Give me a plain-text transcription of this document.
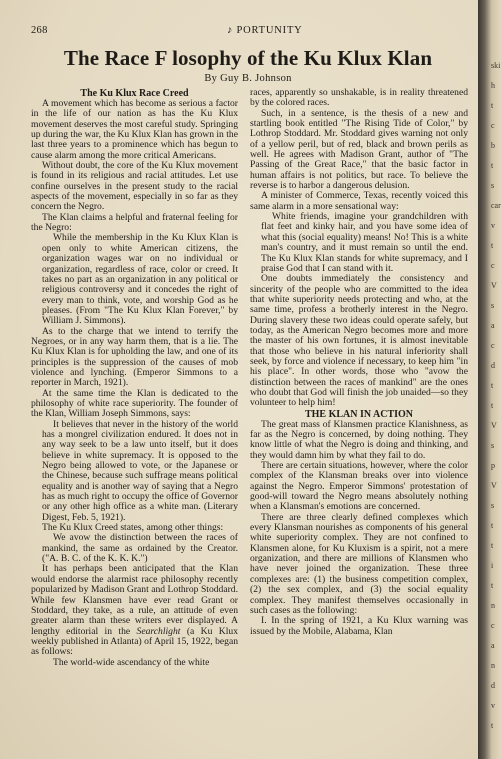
268	♪ PORTUNITY
The Race F losophy of the Ku Klux Klan
By Guy B. Johnson
The Ku Klux Race Creed

A movement which has become as serious a factor in the life of our nation as has the Ku Klux movement deserves the most careful study. Springing up during the war, the Ku Klux Klan has grown in the last three years to a prominence which has begun to cause alarm among the more critical Americans.

Without doubt, the core of the Ku Klux movement is found in its religious and racial attitudes. Let use confine ourselves in the present study to the racial aspects of the movement, especially in so far as they concern the Negro.

The Klan claims a helpful and fraternal feeling for the Negro:

While the membership in the Ku Klux Klan is open only to white American citizens, the organization wages war on no individual or organization, regardless of race, color or creed. It takes no part as an organization in any political or religious controversy and it concedes the right of every man to think, vote, and worship God as he pleases. (From "The Ku Klux Klan Forever," by William J. Simmons).

As to the charge that we intend to terrify the Negroes, or in any way harm them, that is a lie. The Ku Klux Klan is for upholding the law, and one of its principles is the suppression of the causes of mob violence and lynching. (Emperor Simmons to a reporter in March, 1921).

At the same time the Klan is dedicated to the philosophy of white race superiority. The founder of the Klan, William Joseph Simmons, says:

It believes that never in the history of the world has a mongrel civilization endured. It does not in any way seek to be a law unto itself, but it does believe in white supremacy. It is opposed to the Negro being allowed to vote, or the Japanese or the Chinese, because such suffrage means political equality and is another way of saying that a Negro has as much right to occupy the office of Governor or any other high office as a white man. (Literary Digest, Feb. 5, 1921).

The Ku Klux Creed states, among other things:

We avow the distinction between the races of mankind, the same as ordained by the Creator. ("A. B. C. of the K. K. K.")

It has perhaps been anticipated that the Klan would endorse the alarmist race philosophy recently popularized by Madison Grant and Lothrop Stoddard. While few Klansmen have ever read Grant or Stoddard, they take, as a rule, an attitude of even greater alarm than these writers ever displayed. A lengthy editorial in the Searchlight (a Ku Klux weekly published in Atlanta) of April 15, 1922, began as follows:

The world-wide ascendancy of the white

races, apparently so unshakable, is in reality threatened by the colored races.

Such, in a sentence, is the thesis of a new and startling book entitled "The Rising Tide of Color," by Lothrop Stoddard. Mr. Stoddard gives warning not only of a yellow peril, but of red, black and brown perils as well. He agrees with Madison Grant, author of "The Passing of the Great Race," that the basic factor in human affairs is not politics, but race. To believe the reverse is to harbor a dangerous delusion.

A minister of Commerce, Texas, recently voiced this same alarm in a more sensational way:

White friends, imagine your grandchildren with flat feet and kinky hair, and you have some idea of what this (social equality) means! No! This is a white man's country, and it must remain so until the end. The Ku Klux Klan stands for white supremacy, and I praise God that I can stand with it.

One doubts immediately the consistency and sincerity of the people who are committed to the idea that white superiority needs protecting and who, at the same time, profess a brotherly interest in the Negro. During slavery these two ideas could operate safely, but today, as the American Negro becomes more and more the master of his own fortunes, it is almost inevitable that those who believe in his natural inferiority shall seek, by force and violence if necessary, to keep him "in his place". In other words, those who "avow the distinction between the races of mankind" are the ones who doubt that God will finish the job unaided—so they volunteer to help him!

THE KLAN IN ACTION

The great mass of Klansmen practice Klanishness, as far as the Negro is concerned, by doing nothing. They know little of what the Negro is doing and thinking, and they would damn him by what they fail to do.

There are certain situations, however, where the color complex of the Klansman breaks over into violence against the Negro. Emperor Simmons' protestation of good-will toward the Negro means absolutely nothing when a Klansman's emotions are concerned.

There are three clearly defined complexes which every Klansman nourishes as components of his general white superiority complex. They are not confined to Klansmen alone, for Ku Kluxism is a spirit, not a mere organization, and there are millions of Klansmen who have never joined the organization. These three complexes are: (1) the business competition complex, (2) the sex complex, and (3) the social equality complex. They manifest themselves occasionally in such cases as the following:

I. In the spring of 1921, a Ku Klux warning was issued by the Mobile, Alabama, Klan

ski
h
t
c
b
t
s
car
v
t
c
V
s
a
c
d
t
t
V
s
p
V
s
t
t
i
t
n
c
a
n
d
v
t
